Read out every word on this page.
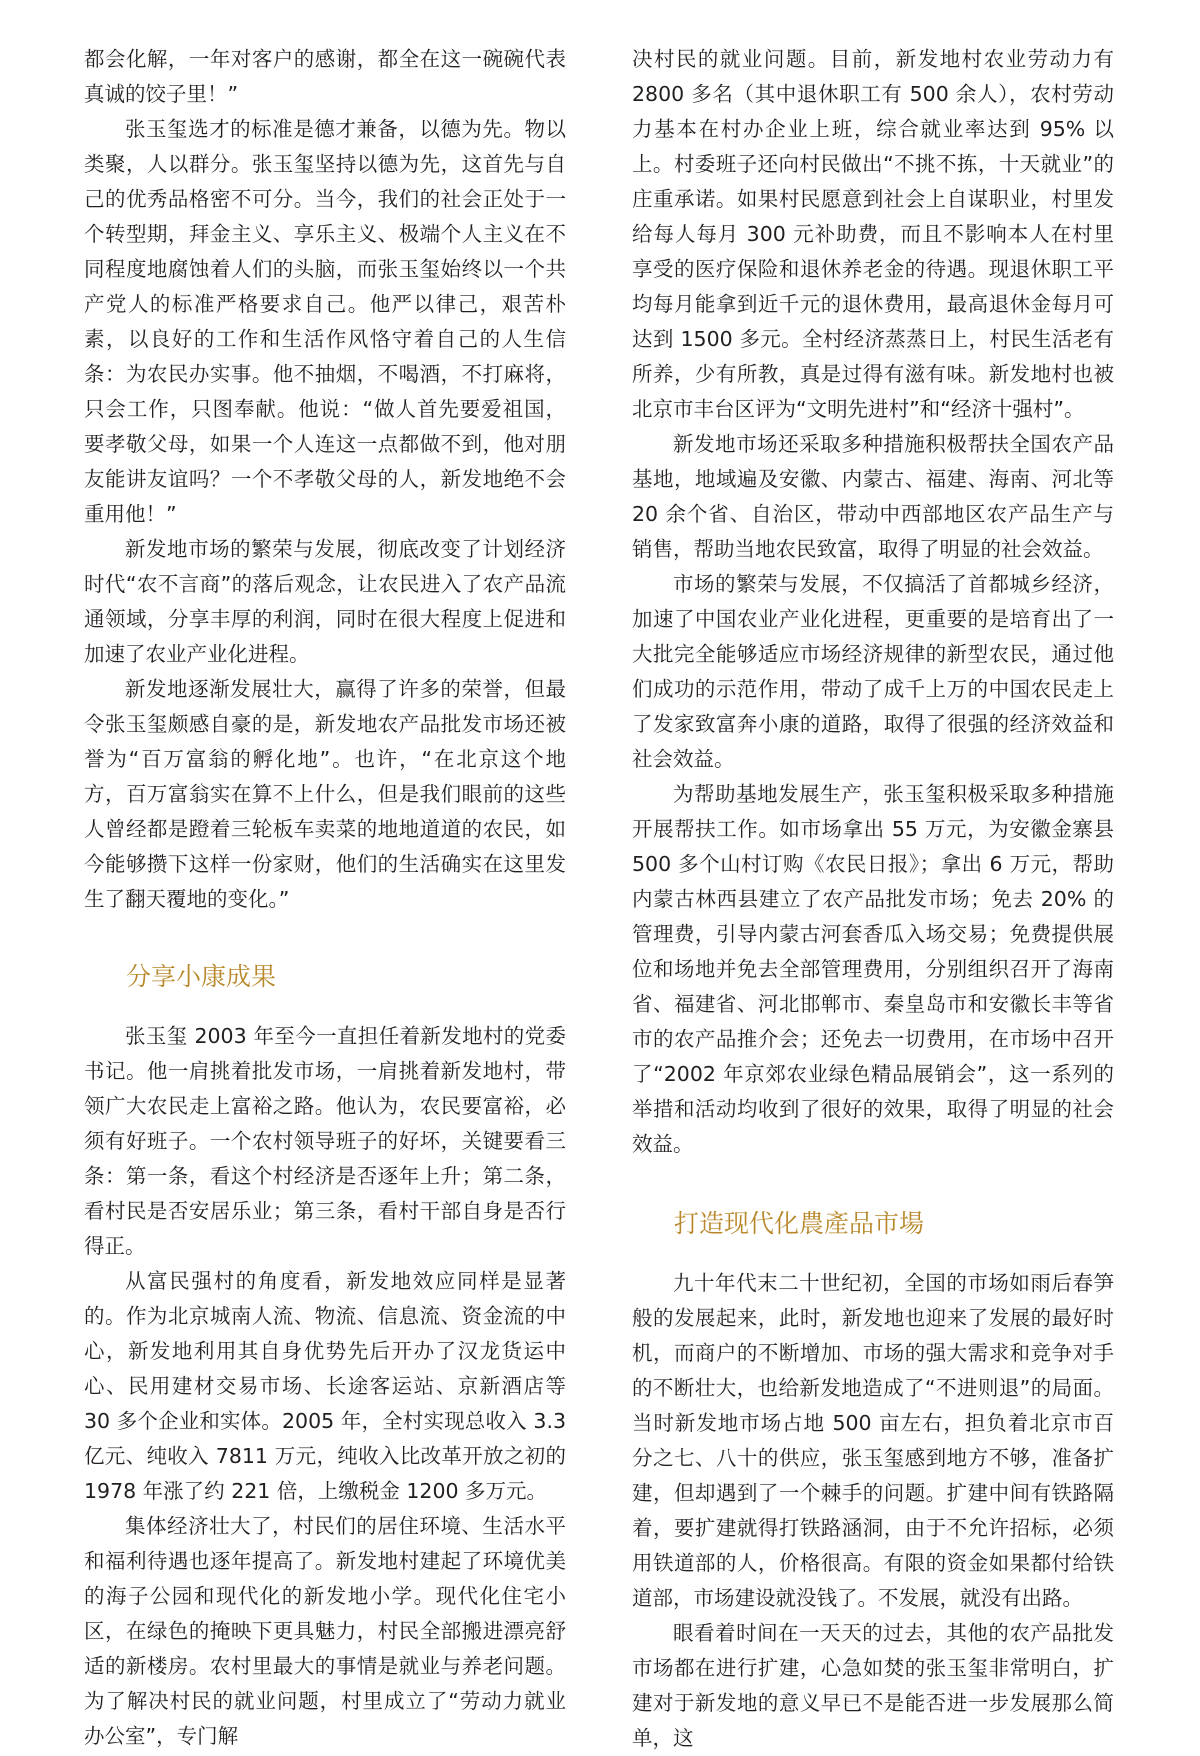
都会化解，一年对客户的感谢，都全在这一碗碗代表真诚的饺子里！”

张玉玺选才的标准是德才兼备，以德为先。物以类聚，人以群分。张玉玺坚持以德为先，这首先与自己的优秀品格密不可分。当今，我们的社会正处于一个转型期，拜金主义、享乐主义、极端个人主义在不同程度地腐蚀着人们的头脑，而张玉玺始终以一个共产党人的标准严格要求自己。他严以律己，艰苦朴素，以良好的工作和生活作风恪守着自己的人生信条：为农民办实事。他不抽烟，不喝酒，不打麻将，只会工作，只图奉献。他说：“做人首先要爱祖国，要孝敬父母，如果一个人连这一点都做不到，他对朋友能讲友谊吗？一个不孝敬父母的人，新发地绝不会重用他！”

新发地市场的繁荣与发展，彻底改变了计划经济时代“农不言商”的落后观念，让农民进入了农产品流通领域，分享丰厚的利润，同时在很大程度上促进和加速了农业产业化进程。

新发地逐渐发展壮大，赢得了许多的荣誉，但最令张玉玺颇感自豪的是，新发地农产品批发市场还被誉为“百万富翁的孵化地”。也许，“在北京这个地方，百万富翁实在算不上什么，但是我们眼前的这些人曾经都是蹬着三轮板车卖菜的地地道道的农民，如今能够攒下这样一份家财，他们的生活确实在这里发生了翻天覆地的变化。”

分享小康成果

张玉玺 2003 年至今一直担任着新发地村的党委书记。他一肩挑着批发市场，一肩挑着新发地村，带领广大农民走上富裕之路。他认为，农民要富裕，必须有好班子。一个农村领导班子的好坏，关键要看三条：第一条，看这个村经济是否逐年上升；第二条，看村民是否安居乐业；第三条，看村干部自身是否行得正。

从富民强村的角度看，新发地效应同样是显著的。作为北京城南人流、物流、信息流、资金流的中心，新发地利用其自身优势先后开办了汉龙货运中心、民用建材交易市场、长途客运站、京新酒店等 30 多个企业和实体。2005 年，全村实现总收入 3.3 亿元、纯收入 7811 万元，纯收入比改革开放之初的 1978 年涨了约 221 倍，上缴税金 1200 多万元。

集体经济壮大了，村民们的居住环境、生活水平和福利待遇也逐年提高了。新发地村建起了环境优美的海子公园和现代化的新发地小学。现代化住宅小区，在绿色的掩映下更具魅力，村民全部搬进漂亮舒适的新楼房。农村里最大的事情是就业与养老问题。为了解决村民的就业问题，村里成立了“劳动力就业办公室”，专门解

决村民的就业问题。目前，新发地村农业劳动力有 2800 多名（其中退休职工有 500 余人），农村劳动力基本在村办企业上班，综合就业率达到 95% 以上。村委班子还向村民做出“不挑不拣，十天就业”的庄重承诺。如果村民愿意到社会上自谋职业，村里发给每人每月 300 元补助费，而且不影响本人在村里享受的医疗保险和退休养老金的待遇。现退休职工平均每月能拿到近千元的退休费用，最高退休金每月可达到 1500 多元。全村经济蒸蒸日上，村民生活老有所养，少有所教，真是过得有滋有味。新发地村也被北京市丰台区评为“文明先进村”和“经济十强村”。

新发地市场还采取多种措施积极帮扶全国农产品基地，地域遍及安徽、内蒙古、福建、海南、河北等 20 余个省、自治区，带动中西部地区农产品生产与销售，帮助当地农民致富，取得了明显的社会效益。

市场的繁荣与发展，不仅搞活了首都城乡经济，加速了中国农业产业化进程，更重要的是培育出了一大批完全能够适应市场经济规律的新型农民，通过他们成功的示范作用，带动了成千上万的中国农民走上了发家致富奔小康的道路，取得了很强的经济效益和社会效益。

为帮助基地发展生产，张玉玺积极采取多种措施开展帮扶工作。如市场拿出 55 万元，为安徽金寨县 500 多个山村订购《农民日报》；拿出 6 万元，帮助内蒙古林西县建立了农产品批发市场；免去 20% 的管理费，引导内蒙古河套香瓜入场交易；免费提供展位和场地并免去全部管理费用，分别组织召开了海南省、福建省、河北邯郸市、秦皇岛市和安徽长丰等省市的农产品推介会；还免去一切费用，在市场中召开了“2002 年京郊农业绿色精品展销会”，这一系列的举措和活动均收到了很好的效果，取得了明显的社会效益。

打造现代化農產品市場

九十年代末二十世纪初，全国的市场如雨后春笋般的发展起来，此时，新发地也迎来了发展的最好时机，而商户的不断增加、市场的强大需求和竞争对手的不断壮大，也给新发地造成了“不进则退”的局面。当时新发地市场占地 500 亩左右，担负着北京市百分之七、八十的供应，张玉玺感到地方不够，准备扩建，但却遇到了一个棘手的问题。扩建中间有铁路隔着，要扩建就得打铁路涵洞，由于不允许招标，必须用铁道部的人，价格很高。有限的资金如果都付给铁道部，市场建设就没钱了。不发展，就没有出路。

眼看着时间在一天天的过去，其他的农产品批发市场都在进行扩建，心急如焚的张玉玺非常明白，扩建对于新发地的意义早已不是能否进一步发展那么简单，这
